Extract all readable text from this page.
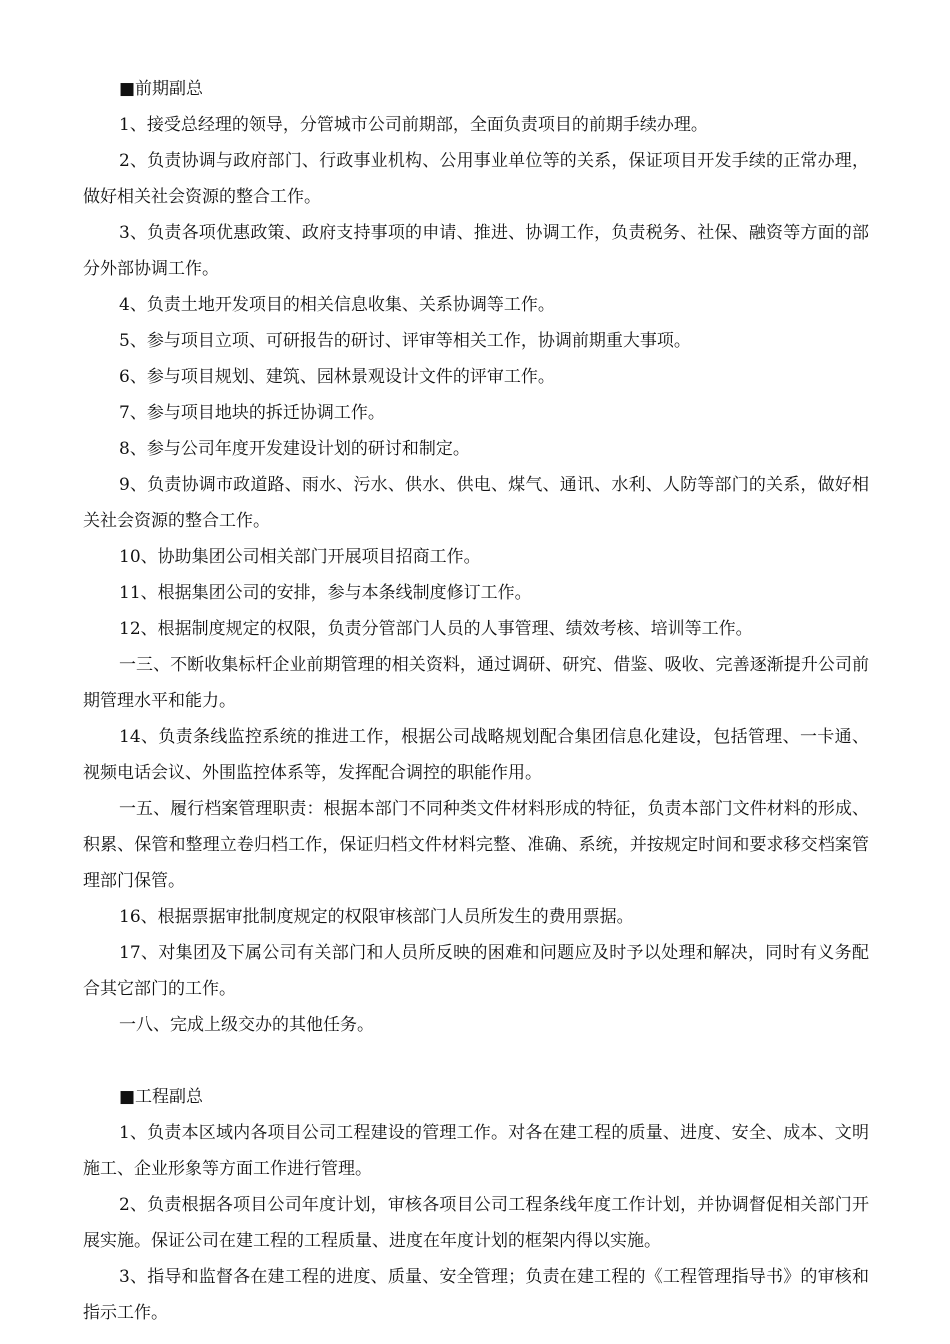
■前期副总

1、接受总经理的领导，分管城市公司前期部，全面负责项目的前期手续办理。

2、负责协调与政府部门、行政事业机构、公用事业单位等的关系，保证项目开发手续的正常办理，做好相关社会资源的整合工作。

3、负责各项优惠政策、政府支持事项的申请、推进、协调工作，负责税务、社保、融资等方面的部分外部协调工作。

4、负责土地开发项目的相关信息收集、关系协调等工作。

5、参与项目立项、可研报告的研讨、评审等相关工作，协调前期重大事项。

6、参与项目规划、建筑、园林景观设计文件的评审工作。

7、参与项目地块的拆迁协调工作。

8、参与公司年度开发建设计划的研讨和制定。

9、负责协调市政道路、雨水、污水、供水、供电、煤气、通讯、水利、人防等部门的关系，做好相关社会资源的整合工作。

10、协助集团公司相关部门开展项目招商工作。

11、根据集团公司的安排，参与本条线制度修订工作。

12、根据制度规定的权限，负责分管部门人员的人事管理、绩效考核、培训等工作。

一三、不断收集标杆企业前期管理的相关资料，通过调研、研究、借鉴、吸收、完善逐渐提升公司前期管理水平和能力。

14、负责条线监控系统的推进工作，根据公司战略规划配合集团信息化建设，包括管理、一卡通、视频电话会议、外围监控体系等，发挥配合调控的职能作用。

一五、履行档案管理职责：根据本部门不同种类文件材料形成的特征，负责本部门文件材料的形成、积累、保管和整理立卷归档工作，保证归档文件材料完整、准确、系统，并按规定时间和要求移交档案管理部门保管。

16、根据票据审批制度规定的权限审核部门人员所发生的费用票据。

17、对集团及下属公司有关部门和人员所反映的困难和问题应及时予以处理和解决，同时有义务配合其它部门的工作。

一八、完成上级交办的其他任务。

■工程副总

1、负责本区域内各项目公司工程建设的管理工作。对各在建工程的质量、进度、安全、成本、文明施工、企业形象等方面工作进行管理。

2、负责根据各项目公司年度计划，审核各项目公司工程条线年度工作计划，并协调督促相关部门开展实施。保证公司在建工程的工程质量、进度在年度计划的框架内得以实施。

3、指导和监督各在建工程的进度、质量、安全管理；负责在建工程的《工程管理指导书》的审核和指示工作。
